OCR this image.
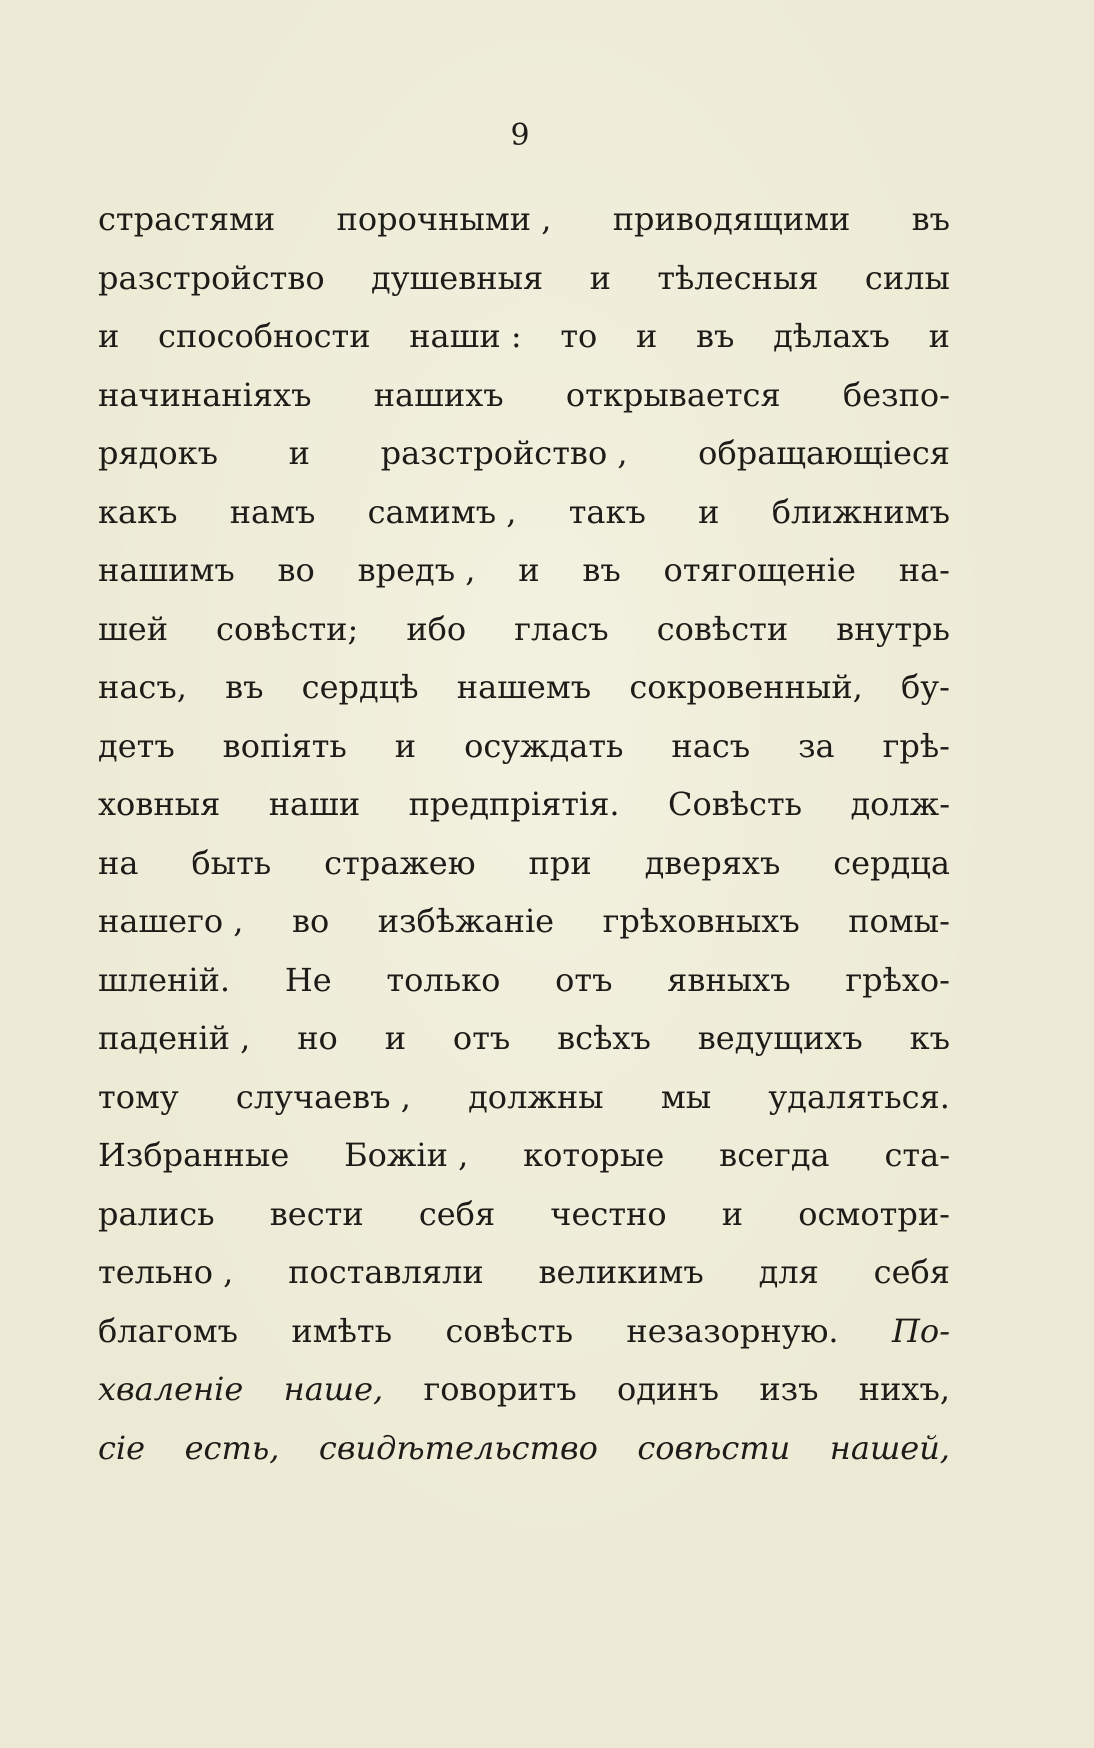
9
страстями порочными , приводящими въ
разстройство душевныя и тѣлесныя силы
и способности наши : то и въ дѣлахъ и
начинаніяхъ нашихъ открывается безпо-
рядокъ и разстройство , обращающіеся
какъ намъ самимъ , такъ и ближнимъ
нашимъ во вредъ , и въ отягощеніе на-
шей совѣсти; ибо гласъ совѣсти внутрь
насъ, въ сердцѣ нашемъ сокровенный, бу-
детъ вопіять и осуждать насъ за грѣ-
ховныя наши предпріятія. Совѣсть долж-
на быть стражею при дверяхъ сердца
нашего , во избѣжаніе грѣховныхъ помы-
шленій. Не только отъ явныхъ грѣхо-
паденій , но и отъ всѣхъ ведущихъ къ
тому случаевъ , должны мы удаляться.
Избранные Божіи , которые всегда ста-
рались вести себя честно и осмотри-
тельно , поставляли великимъ для себя
благомъ имѣть совѣсть незазорную. По-
хваленіе наше, говоритъ одинъ изъ нихъ,
сіе есть, свидѣтельство совѣсти нашей,
